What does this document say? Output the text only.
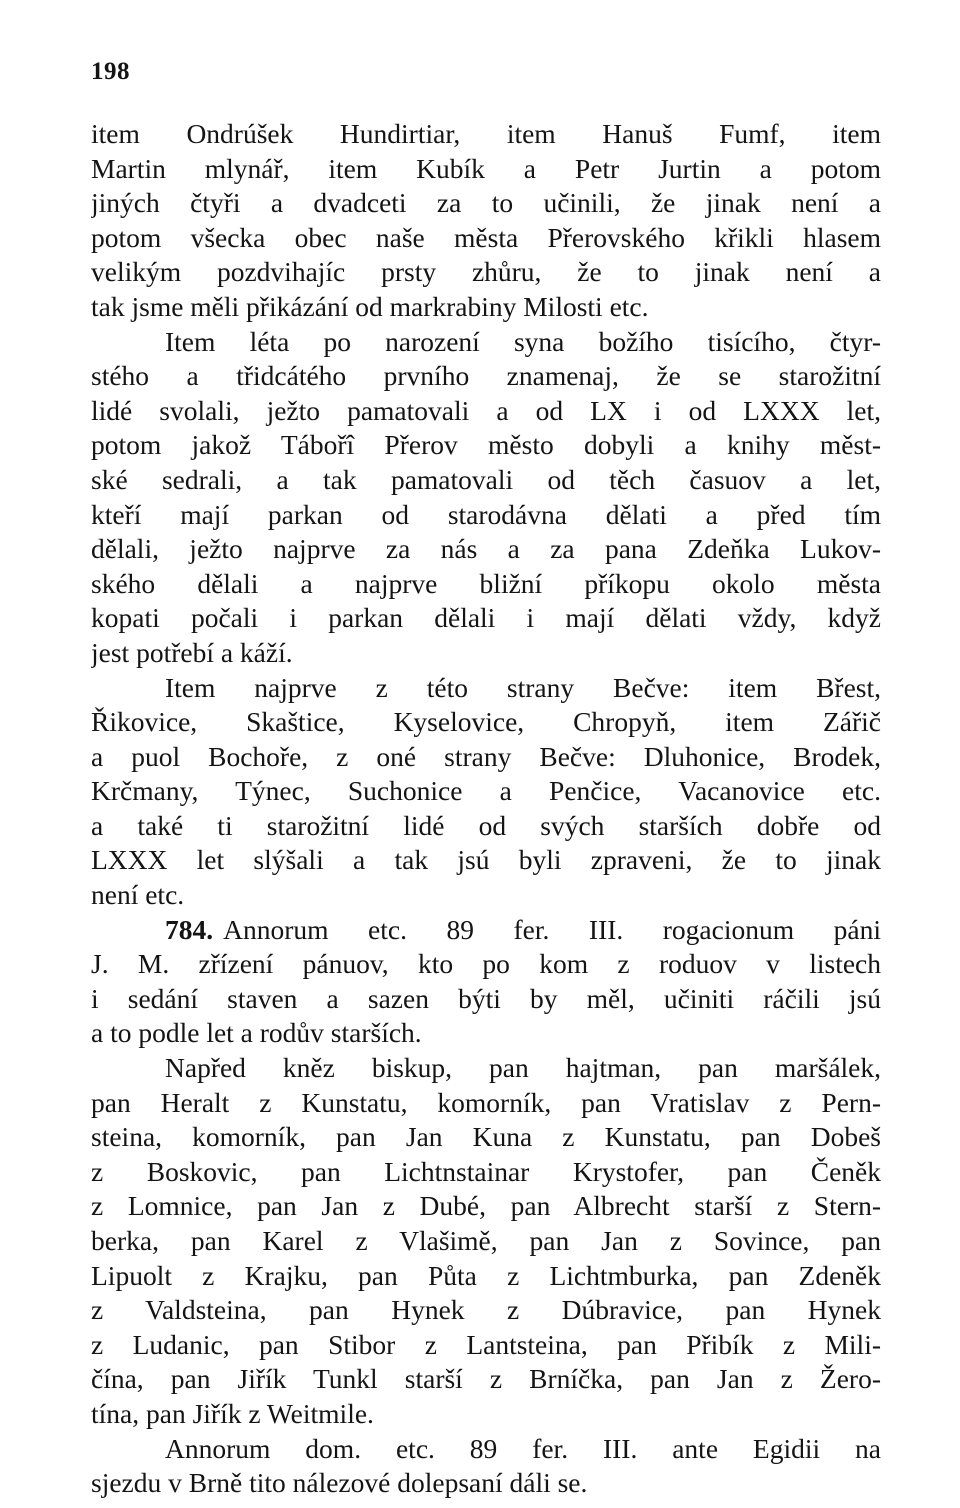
198
item Ondrúšek Hundirtiar, item Hanuš Fumf, item
Martin mlynář, item Kubík a Petr Jurtin a potom
jiných čtyři a dvadceti za to učinili, že jinak není a
potom všecka obec naše města Přerovského křikli hlasem
velikým pozdvihajíc prsty zhůru, že to jinak není a
tak jsme měli přikázání od markrabiny Milosti etc.
Item léta po narození syna božího tisícího, čtyr-
stého a třidcátého prvního znamenaj, že se starožitní
lidé svolali, ježto pamatovali a od LX i od LXXX let,
potom jakož Tábořî Přerov město dobyli a knihy měst-
ské sedrali, a tak pamatovali od těch časuov a let,
kteří mají parkan od starodávna dělati a před tím
dělali, ježto najprve za nás a za pana Zdeňka Lukov-
ského dělali a najprve bližní příkopu okolo města
kopati počali i parkan dělali i mají dělati vždy, když
jest potřebí a káží.
Item najprve z této strany Bečve: item Břest,
Řikovice, Skaštice, Kyselovice, Chropyň, item Zářič
a puol Bochoře, z oné strany Bečve: Dluhonice, Brodek,
Krčmany, Týnec, Suchonice a Penčice, Vacanovice etc.
a také ti starožitní lidé od svých starších dobře od
LXXX let slýšali a tak jsú byli zpraveni, že to jinak
není etc.
784. Annorum etc. 89 fer. III. rogacionum páni
J. M. zřízení pánuov, kto po kom z roduov v listech
i sedání staven a sazen býti by měl, učiniti ráčili jsú
a to podle let a rodův starších.
Napřed kněz biskup, pan hajtman, pan maršálek,
pan Heralt z Kunstatu, komorník, pan Vratislav z Pern-
steina, komorník, pan Jan Kuna z Kunstatu, pan Dobeš
z Boskovic, pan Lichtnstainar Krystofer, pan Čeněk
z Lomnice, pan Jan z Dubé, pan Albrecht starší z Stern-
berka, pan Karel z Vlašimě, pan Jan z Sovince, pan
Lipuolt z Krajku, pan Půta z Lichtmburka, pan Zdeněk
z Valdsteina, pan Hynek z Dúbravice, pan Hynek
z Ludanic, pan Stibor z Lantsteina, pan Přibík z Mili-
čína, pan Jiřík Tunkl starší z Brníčka, pan Jan z Žero-
tína, pan Jiřík z Weitmile.
Annorum dom. etc. 89 fer. III. ante Egidii na
sjezdu v Brně tito nálezové dolepsaní dáli se.
